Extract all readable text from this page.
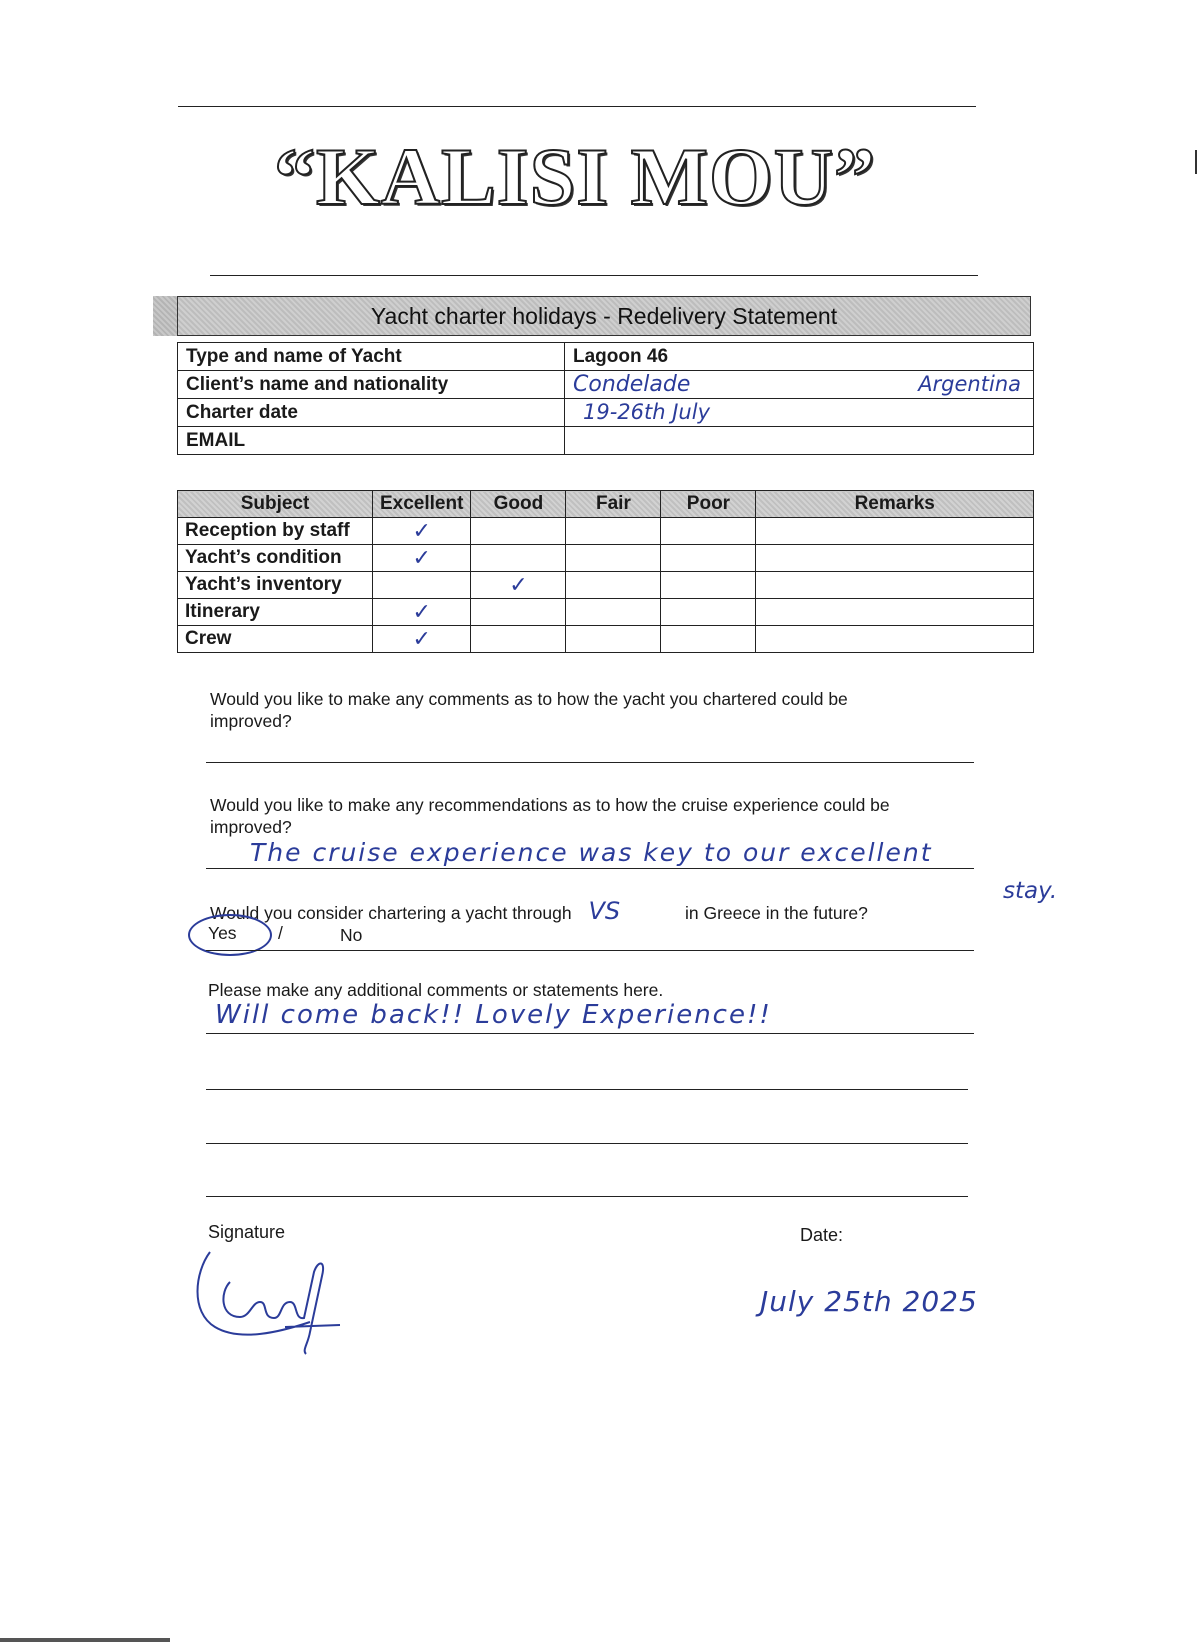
“KALISI MOU”
Yacht charter holidays - Redelivery Statement
Type and name of Yacht	Lagoon 46
Client’s name and nationality	Condelade Argentina

Charter date	19-26th July
EMAIL	
Subject	Excellent	Good	Fair	Poor	Remarks
Reception by staff	✓				
Yacht’s condition	✓				
Yacht’s inventory		✓			
Itinerary	✓				
Crew	✓				
Would you like to make any comments as to how the yacht you chartered could be improved?
Would you like to make any recommendations as to how the cruise experience could be improved?
The cruise experience was key to our excellent
stay.
Would you consider chartering a yacht through VS	in Greece in the future?
Yes /	No
Please make any additional comments or statements here.
Will come back!! Lovely Experience!!
Signature	Date:
July 25th 2025
